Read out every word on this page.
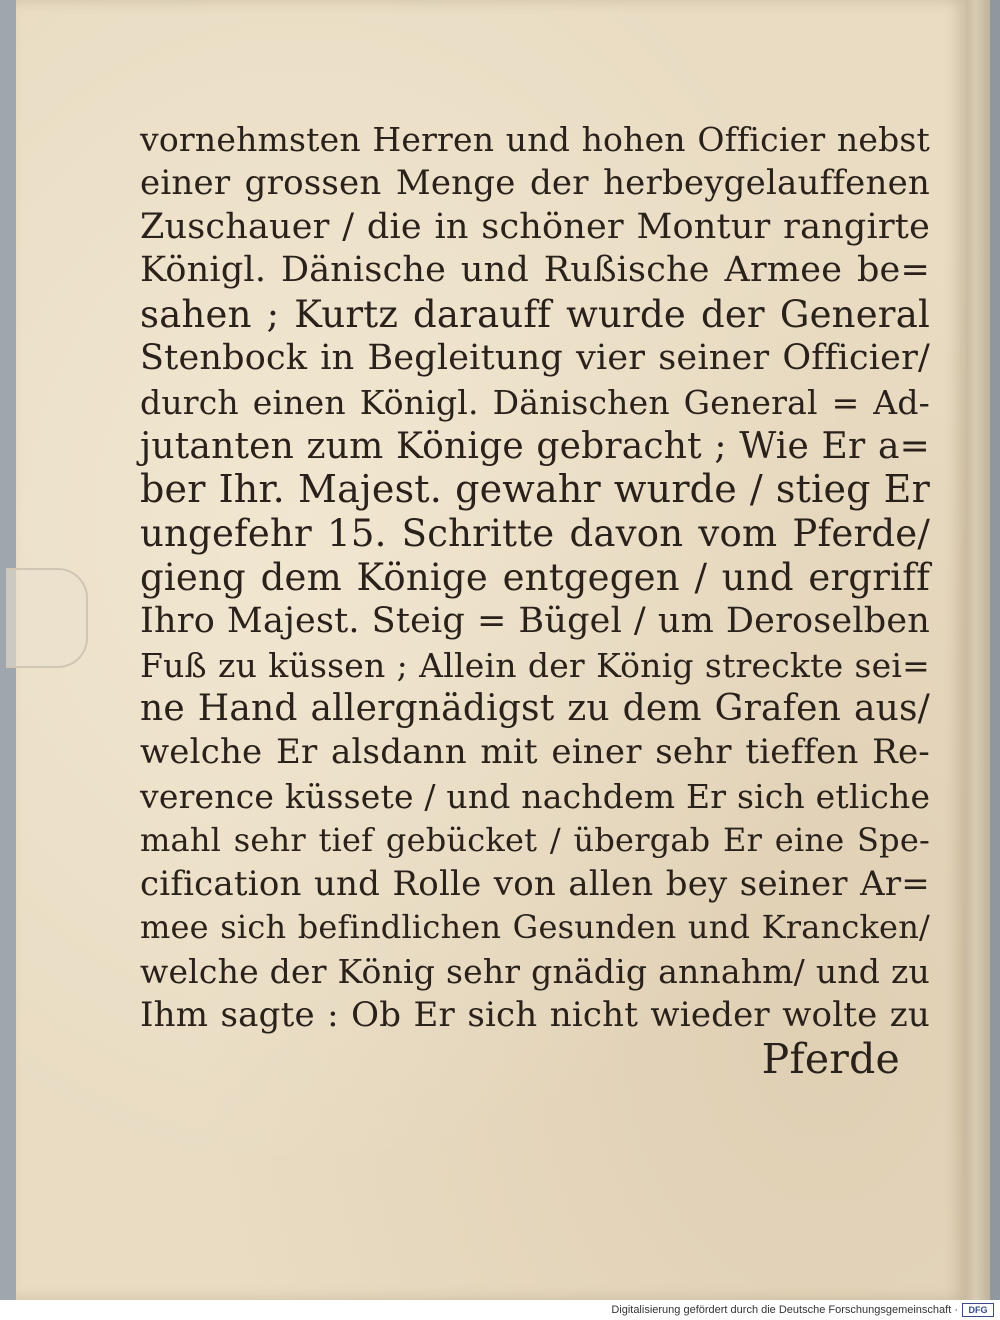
vornehmsten Herren und hohen Officier nebst
einer grossen Menge der herbeygelauffenen
Zuschauer / die in schöner Montur rangirte
Königl. Dänische und Rußische Armee be=
sahen ; Kurtz darauff wurde der General
Stenbock in Begleitung vier seiner Officier/
durch einen Königl. Dänischen General = Ad-
jutanten zum Könige gebracht ; Wie Er a=
ber Ihr. Majest. gewahr wurde / stieg Er
ungefehr 15. Schritte davon vom Pferde/
gieng dem Könige entgegen / und ergriff
Ihro Majest. Steig = Bügel / um Deroselben
Fuß zu küssen ; Allein der König streckte sei=
ne Hand allergnädigst zu dem Grafen aus/
welche Er alsdann mit einer sehr tieffen Re-
verence küssete / und nachdem Er sich etliche
mahl sehr tief gebücket / übergab Er eine Spe-
cification und Rolle von allen bey seiner Ar=
mee sich befindlichen Gesunden und Krancken/
welche der König sehr gnädig annahm/ und zu
Ihm sagte : Ob Er sich nicht wieder wolte zu
Pferde
Digitalisierung gefördert durch die Deutsche Forschungsgemeinschaft ·	DFG
